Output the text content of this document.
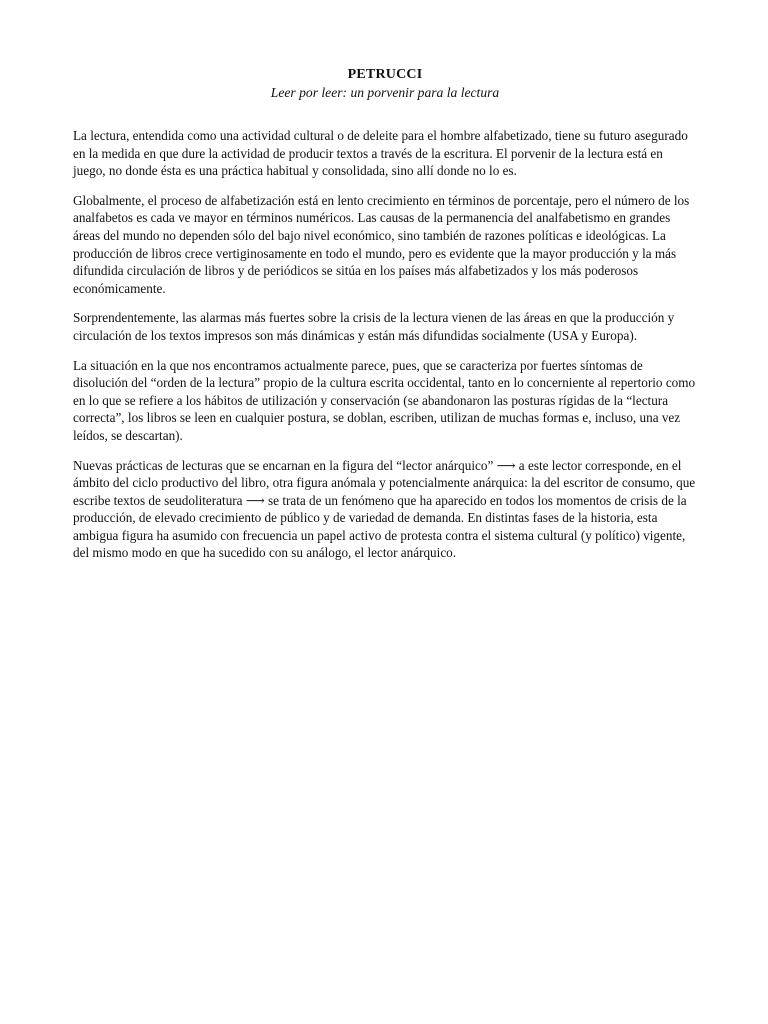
PETRUCCI
Leer por leer: un porvenir para la lectura

La lectura, entendida como una actividad cultural o de deleite para el hombre alfabetizado, tiene su futuro asegurado en la medida en que dure la actividad de producir textos a través de la escritura. El porvenir de la lectura está en juego, no donde ésta es una práctica habitual y consolidada, sino allí donde no lo es.

Globalmente, el proceso de alfabetización está en lento crecimiento en términos de porcentaje, pero el número de los analfabetos es cada ve mayor en términos numéricos. Las causas de la permanencia del analfabetismo en grandes áreas del mundo no dependen sólo del bajo nivel económico, sino también de razones políticas e ideológicas. La producción de libros crece vertiginosamente en todo el mundo, pero es evidente que la mayor producción y la más difundida circulación de libros y de periódicos se sitúa en los países más alfabetizados y los más poderosos económicamente.

Sorprendentemente, las alarmas más fuertes sobre la crisis de la lectura vienen de las áreas en que la producción y circulación de los textos impresos son más dinámicas y están más difundidas socialmente (USA y Europa).

La situación en la que nos encontramos actualmente parece, pues, que se caracteriza por fuertes síntomas de disolución del “orden de la lectura” propio de la cultura escrita occidental, tanto en lo concerniente al repertorio como en lo que se refiere a los hábitos de utilización y conservación (se abandonaron las posturas rígidas de la “lectura correcta”, los libros se leen en cualquier postura, se doblan, escriben, utilizan de muchas formas e, incluso, una vez leídos, se descartan).

Nuevas prácticas de lecturas que se encarnan en la figura del “lector anárquico” ⟶ a este lector corresponde, en el ámbito del ciclo productivo del libro, otra figura anómala y potencialmente anárquica: la del escritor de consumo, que escribe textos de seudoliteratura ⟶ se trata de un fenómeno que ha aparecido en todos los momentos de crisis de la producción, de elevado crecimiento de público y de variedad de demanda. En distintas fases de la historia, esta ambigua figura ha asumido con frecuencia un papel activo de protesta contra el sistema cultural (y político) vigente, del mismo modo en que ha sucedido con su análogo, el lector anárquico.
